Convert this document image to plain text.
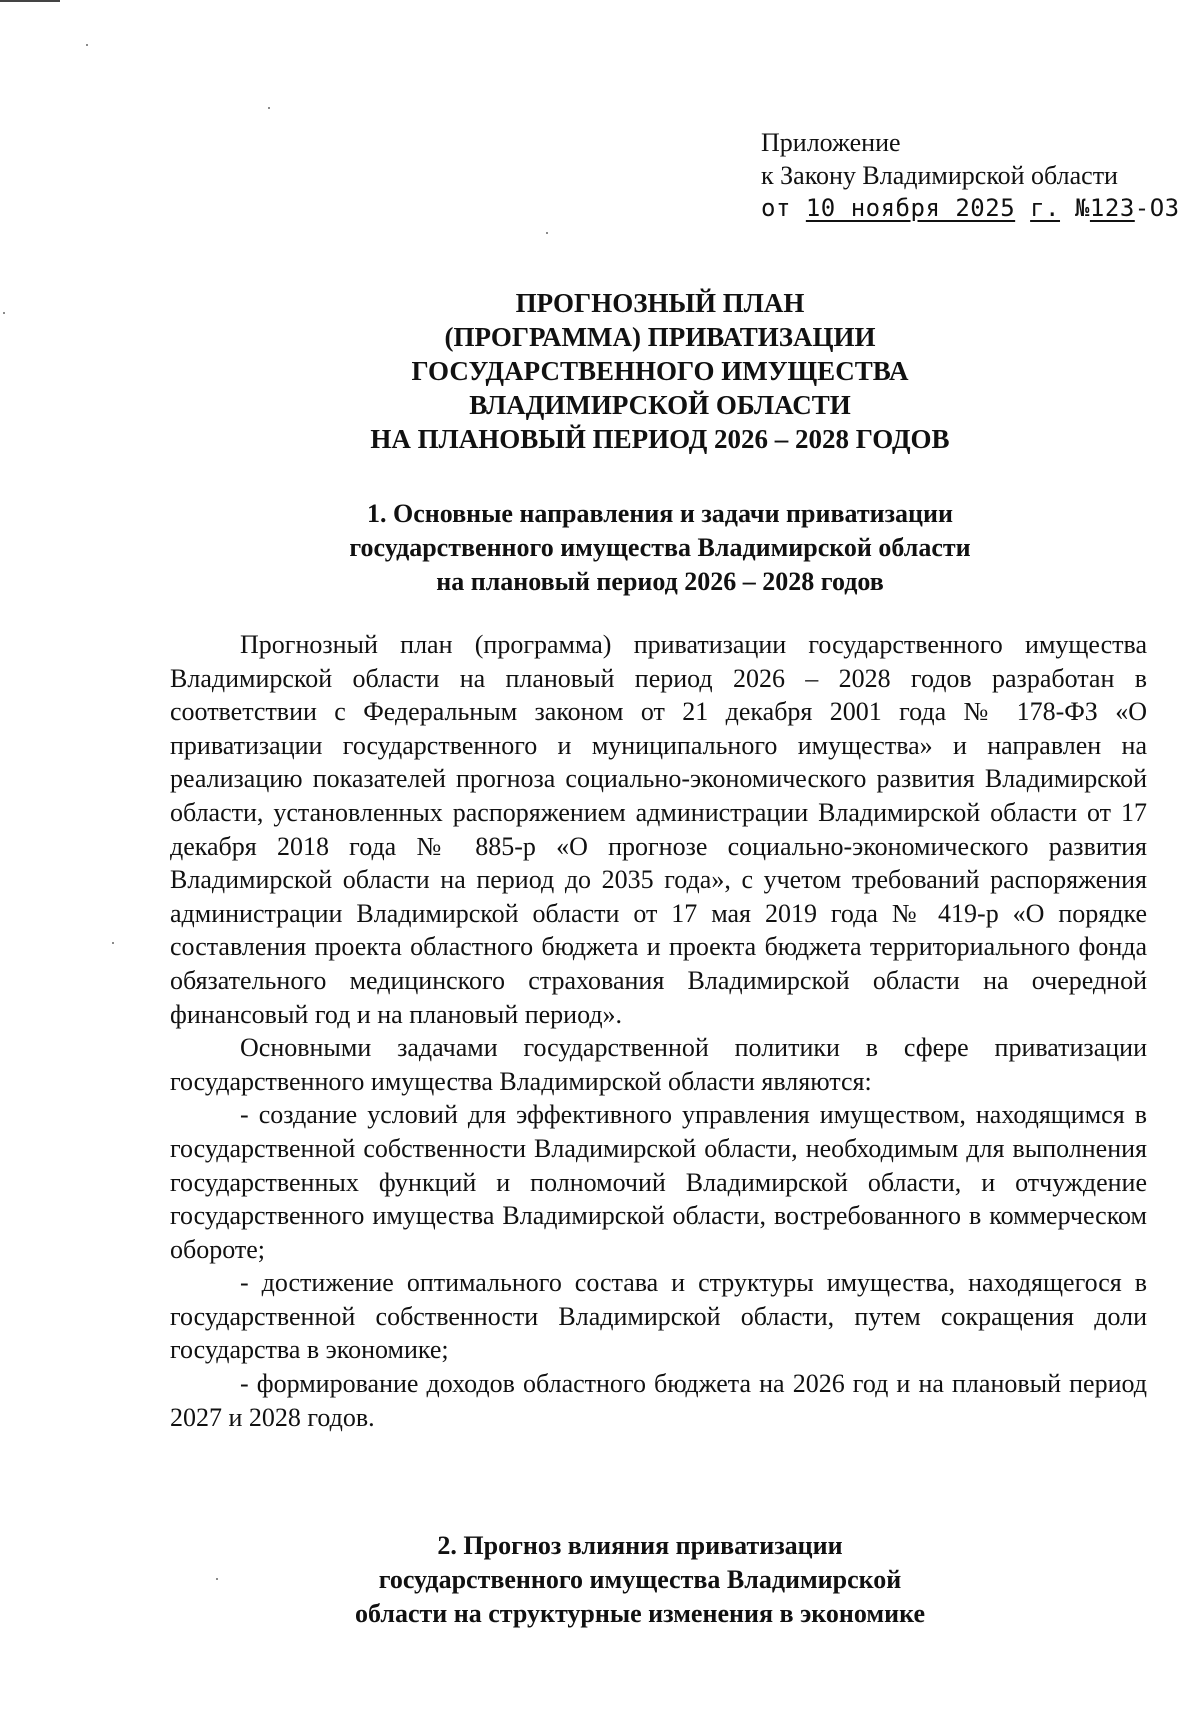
Приложение
к Закону Владимирской области
от 10 ноября 2025 г. №123-ОЗ
ПРОГНОЗНЫЙ ПЛАН
(ПРОГРАММА) ПРИВАТИЗАЦИИ
ГОСУДАРСТВЕННОГО ИМУЩЕСТВА
ВЛАДИМИРСКОЙ ОБЛАСТИ
НА ПЛАНОВЫЙ ПЕРИОД 2026 – 2028 ГОДОВ
1. Основные направления и задачи приватизации
государственного имущества Владимирской области
на плановый период 2026 – 2028 годов

Прогнозный план (программа) приватизации государственного имущества Владимирской области на плановый период 2026 – 2028 годов разработан в соответствии с Федеральным законом от 21 декабря 2001 года № 178-ФЗ «О приватизации государственного и муниципального имущества» и направлен на реализацию показателей прогноза социально-экономического развития Владимирской области, установленных распоряжением администрации Владимирской области от 17 декабря 2018 года № 885-р «О прогнозе социально-экономического развития Владимирской области на период до 2035 года», с учетом требований распоряжения администрации Владимирской области от 17 мая 2019 года № 419-р «О порядке составления проекта областного бюджета и проекта бюджета территориального фонда обязательного медицинского страхования Владимирской области на очередной финансовый год и на плановый период».

Основными задачами государственной политики в сфере приватизации государственного имущества Владимирской области являются:

- создание условий для эффективного управления имуществом, находящимся в государственной собственности Владимирской области, необходимым для выполнения государственных функций и полномочий Владимирской области, и отчуждение государственного имущества Владимирской области, востребованного в коммерческом обороте;

- достижение оптимального состава и структуры имущества, находящегося в государственной собственности Владимирской области, путем сокращения доли государства в экономике;

- формирование доходов областного бюджета на 2026 год и на плановый период 2027 и 2028 годов.

2. Прогноз влияния приватизации
государственного имущества Владимирской
области на структурные изменения в экономике
